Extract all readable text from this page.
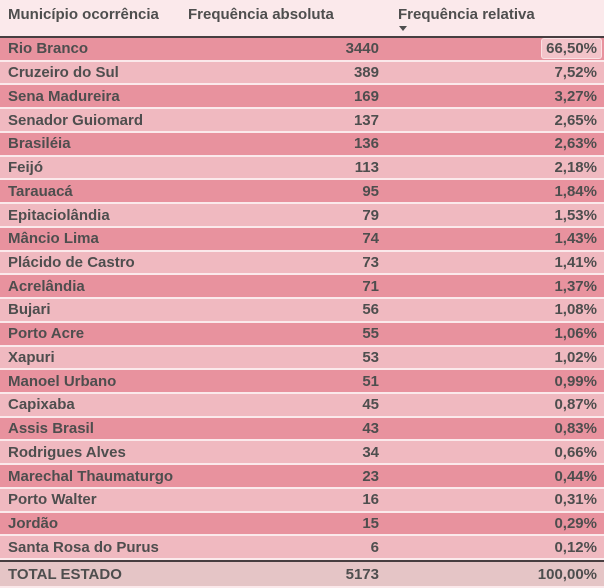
Município ocorrência	Frequência absoluta	Frequência relativa
Rio Branco	3440	66,50%
Cruzeiro do Sul	389	7,52%
Sena Madureira	169	3,27%
Senador Guiomard	137	2,65%
Brasiléia	136	2,63%
Feijó	113	2,18%
Tarauacá	95	1,84%
Epitaciolândia	79	1,53%
Mâncio Lima	74	1,43%
Plácido de Castro	73	1,41%
Acrelândia	71	1,37%
Bujari	56	1,08%
Porto Acre	55	1,06%
Xapuri	53	1,02%
Manoel Urbano	51	0,99%
Capixaba	45	0,87%
Assis Brasil	43	0,83%
Rodrigues Alves	34	0,66%
Marechal Thaumaturgo	23	0,44%
Porto Walter	16	0,31%
Jordão	15	0,29%
Santa Rosa do Purus	6	0,12%
TOTAL ESTADO	5173	100,00%
